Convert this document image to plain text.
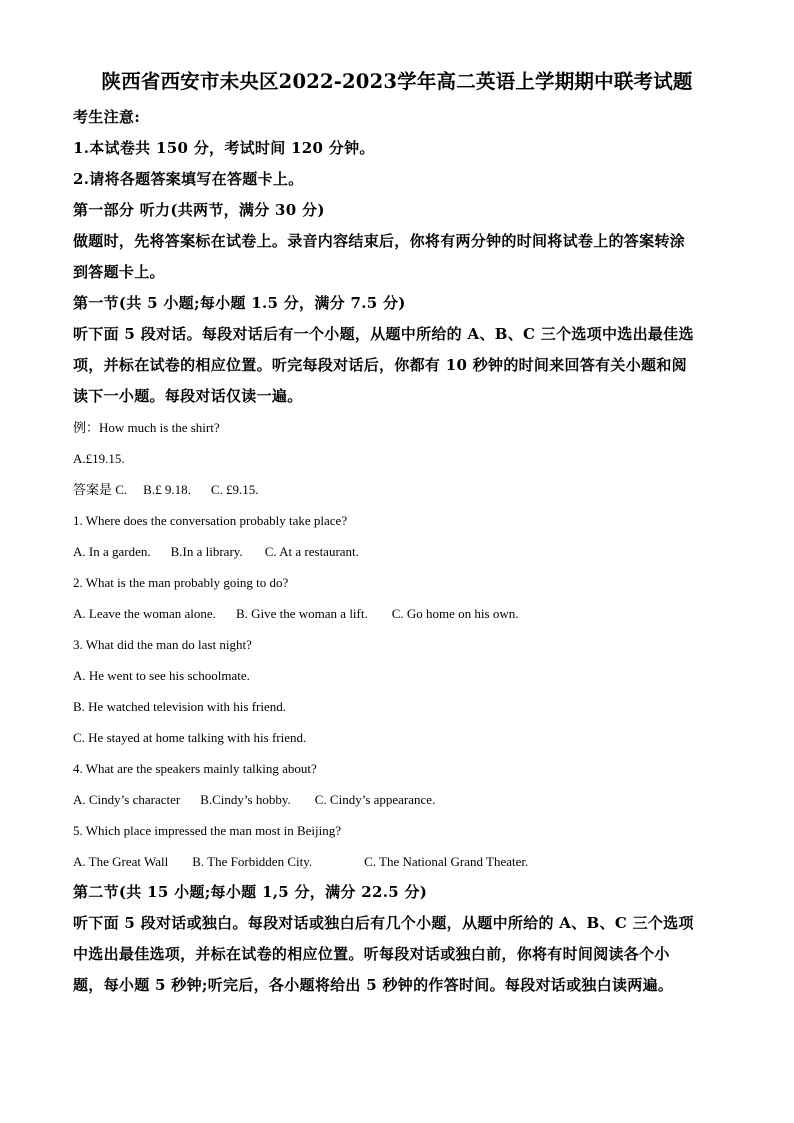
陕西省西安市未央区2022-2023学年高二英语上学期期中联考试题
考生注意:
1.本试卷共 150 分，考试时间 120 分钟。
2.请将各题答案填写在答题卡上。
第一部分 听力(共两节，满分 30 分)
做题时，先将答案标在试卷上。录音内容结束后，你将有两分钟的时间将试卷上的答案转涂
到答题卡上。
第一节(共 5 小题;每小题 1.5 分，满分 7.5 分)
听下面 5 段对话。每段对话后有一个小题，从题中所给的 A、B、C 三个选项中选出最佳选
项，并标在试卷的相应位置。听完每段对话后，你都有 10 秒钟的时间来回答有关小题和阅
读下一小题。每段对话仅读一遍。
例：How much is the shirt?
A.£19.15.
答案是 C. B.£ 9.18. C. £9.15.
1. Where does the conversation probably take place?
A. In a garden. B.In a library. C. At a restaurant.
2. What is the man probably going to do?
A. Leave the woman alone. B. Give the woman a lift. C. Go home on his own.
3. What did the man do last night?
A. He went to see his schoolmate.
B. He watched television with his friend.
C. He stayed at home talking with his friend.
4. What are the speakers mainly talking about?
A. Cindy’s character B.Cindy’s hobby. C. Cindy’s appearance.
5. Which place impressed the man most in Beijing?
A. The Great Wall B. The Forbidden City.	C. The National Grand Theater.
第二节(共 15 小题;每小题 1,5 分，满分 22.5 分)
听下面 5 段对话或独白。每段对话或独白后有几个小题，从题中所给的 A、B、C 三个选项
中选出最佳选项，并标在试卷的相应位置。听每段对话或独白前，你将有时间阅读各个小
题，每小题 5 秒钟;听完后，各小题将给出 5 秒钟的作答时间。每段对话或独白读两遍。
